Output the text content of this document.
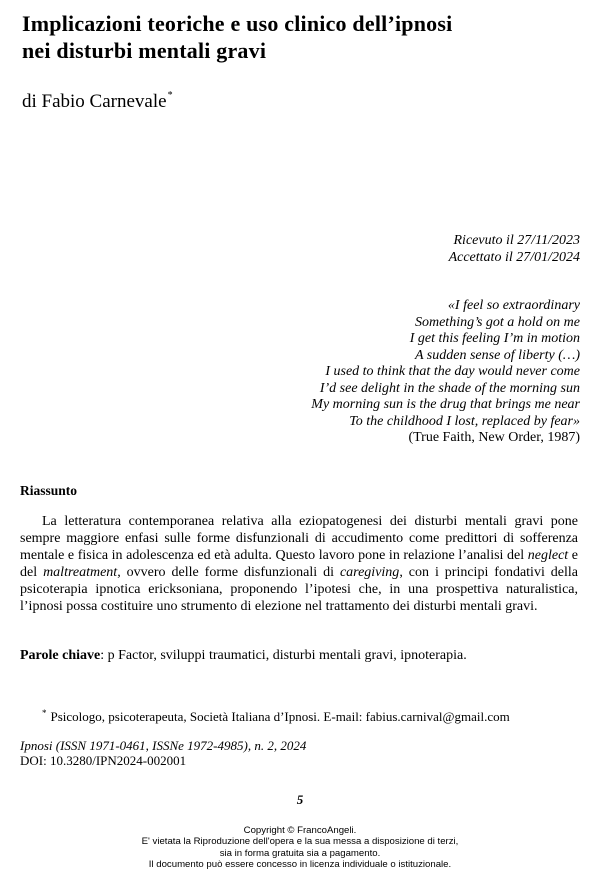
Implicazioni teoriche e uso clinico dell’ipnosi
nei disturbi mentali gravi
di Fabio Carnevale*
Ricevuto il 27/11/2023
Accettato il 27/01/2024
«I feel so extraordinary
Something’s got a hold on me
I get this feeling I’m in motion
A sudden sense of liberty (…)
I used to think that the day would never come
I’d see delight in the shade of the morning sun
My morning sun is the drug that brings me near
To the childhood I lost, replaced by fear»
(True Faith, New Order, 1987)
Riassunto
La letteratura contemporanea relativa alla eziopatogenesi dei disturbi mentali gravi pone sempre maggiore enfasi sulle forme disfunzionali di accudimento come predittori di sofferenza mentale e fisica in adolescenza ed età adulta. Questo lavoro pone in relazione l’analisi del neglect e del maltreatment, ovvero delle forme disfunzionali di caregiving, con i principi fondativi della psicoterapia ipnotica ericksoniana, proponendo l’ipotesi che, in una prospettiva naturalistica, l’ipnosi possa costituire uno strumento di elezione nel trattamento dei disturbi mentali gravi.
Parole chiave: p Factor, sviluppi traumatici, disturbi mentali gravi, ipnoterapia.
* Psicologo, psicoterapeuta, Società Italiana d’Ipnosi. E-mail: fabius.carnival@gmail.com
Ipnosi (ISSN 1971-0461, ISSNe 1972-4985), n. 2, 2024
DOI: 10.3280/IPN2024-002001
5
Copyright © FrancoAngeli.
E' vietata la Riproduzione dell'opera e la sua messa a disposizione di terzi,
sia in forma gratuita sia a pagamento.
Il documento può essere concesso in licenza individuale o istituzionale.
